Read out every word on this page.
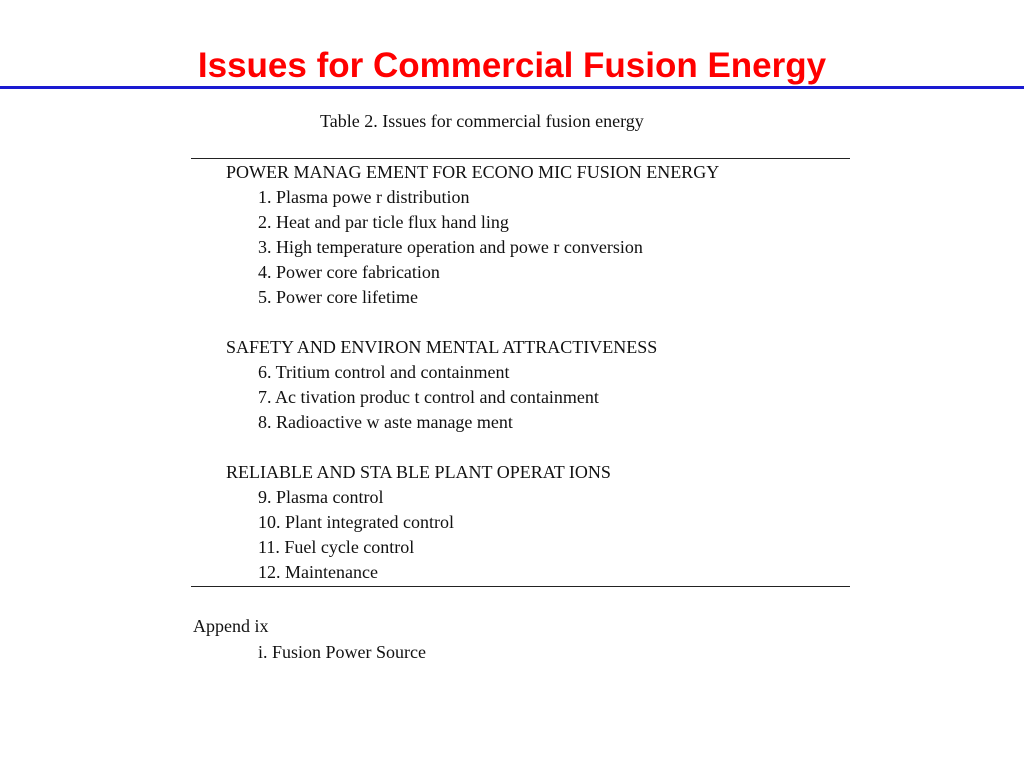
Issues for Commercial Fusion Energy
Table 2. Issues for commercial fusion energy
POWER MANAG EMENT FOR ECONO MIC FUSION ENERGY
1. Plasma powe r distribution
2. Heat and par ticle flux hand ling
3. High temperature operation and powe r conversion
4. Power core fabrication
5. Power core lifetime
SAFETY AND ENVIRON MENTAL ATTRACTIVENESS
6. Tritium control and containment
7. Ac tivation produc t control and containment
8. Radioactive w aste manage ment
RELIABLE AND STA BLE PLANT OPERAT IONS
9. Plasma control
10. Plant integrated control
11. Fuel cycle control
12. Maintenance
Append ix
i. Fusion Power Source
